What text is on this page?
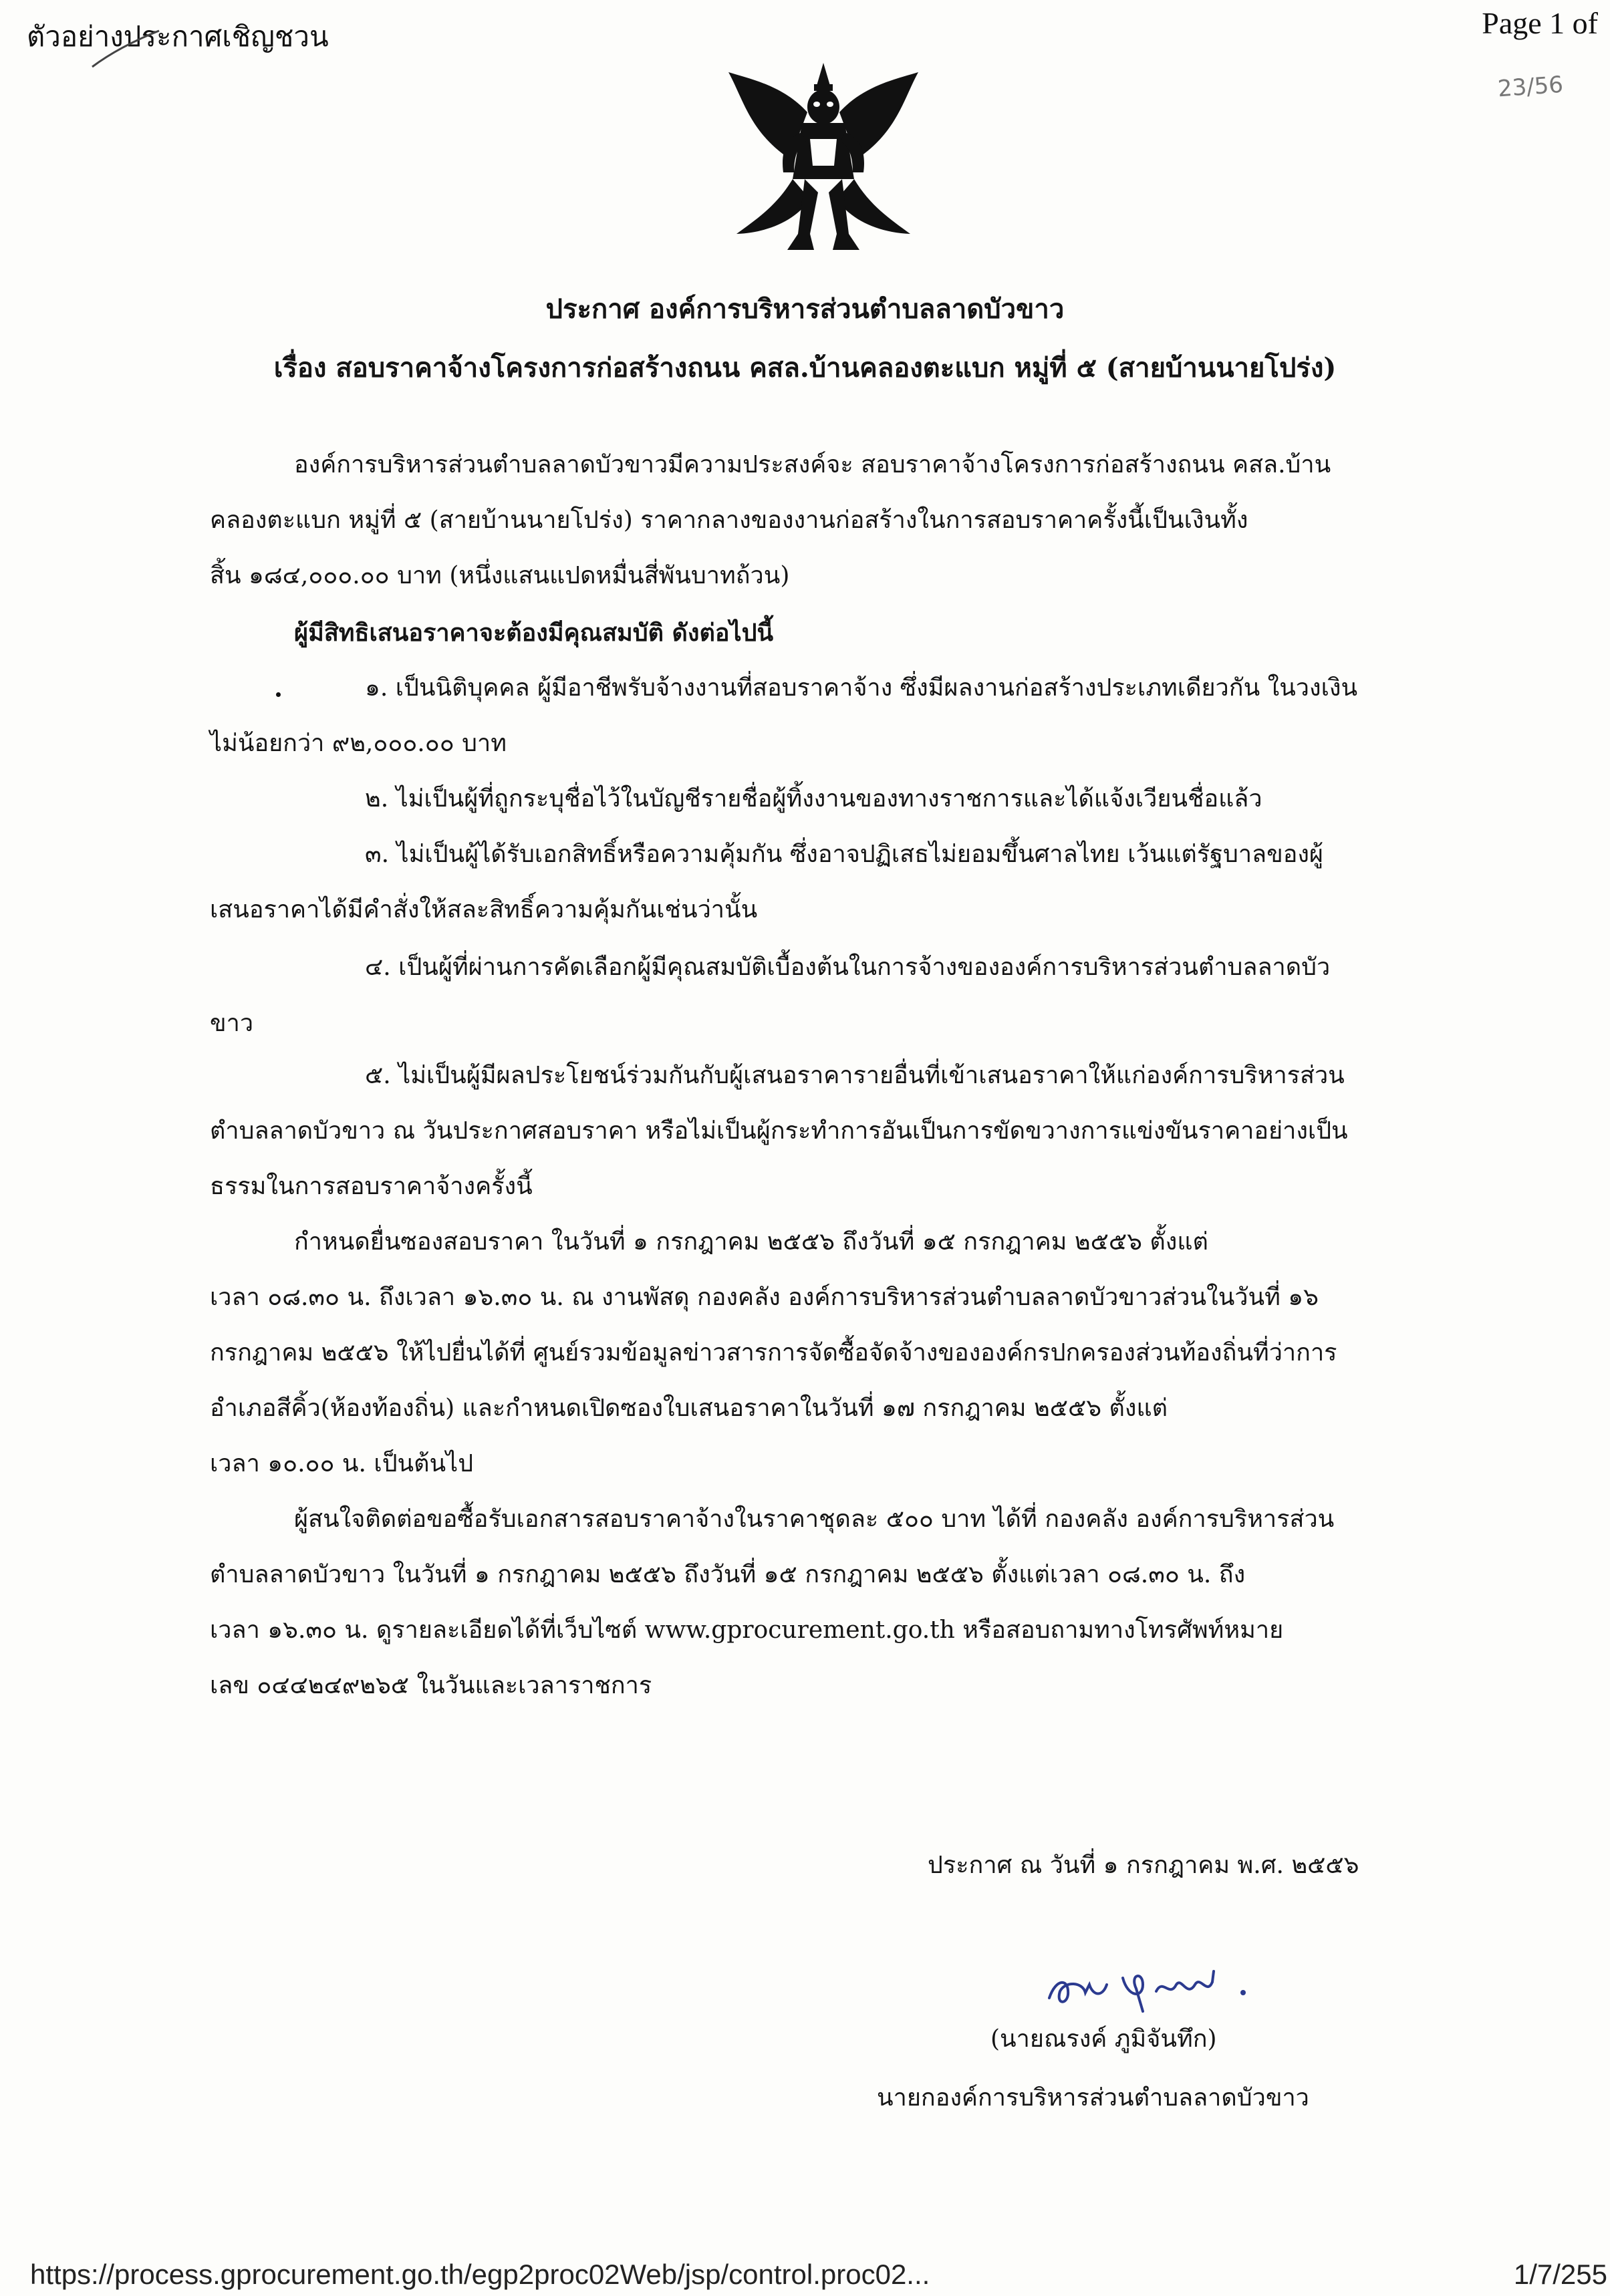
ตัวอย่างประกาศเชิญชวน	Page 1 of
23/56
ประกาศ องค์การบริหารส่วนตำบลลาดบัวขาว
เรื่อง สอบราคาจ้างโครงการก่อสร้างถนน คสล.บ้านคลองตะแบก หมู่ที่ ๕ (สายบ้านนายโปร่ง)
องค์การบริหารส่วนตำบลลาดบัวขาวมีความประสงค์จะ สอบราคาจ้างโครงการก่อสร้างถนน คสล.บ้าน
คลองตะแบก หมู่ที่ ๕ (สายบ้านนายโปร่ง) ราคากลางของงานก่อสร้างในการสอบราคาครั้งนี้เป็นเงินทั้ง
สิ้น ๑๘๔,๐๐๐.๐๐ บาท (หนึ่งแสนแปดหมื่นสี่พันบาทถ้วน)
ผู้มีสิทธิเสนอราคาจะต้องมีคุณสมบัติ ดังต่อไปนี้
๑. เป็นนิติบุคคล ผู้มีอาชีพรับจ้างงานที่สอบราคาจ้าง ซึ่งมีผลงานก่อสร้างประเภทเดียวกัน ในวงเงิน
ไม่น้อยกว่า ๙๒,๐๐๐.๐๐ บาท
๒. ไม่เป็นผู้ที่ถูกระบุชื่อไว้ในบัญชีรายชื่อผู้ทิ้งงานของทางราชการและได้แจ้งเวียนชื่อแล้ว
๓. ไม่เป็นผู้ได้รับเอกสิทธิ์หรือความคุ้มกัน ซึ่งอาจปฏิเสธไม่ยอมขึ้นศาลไทย เว้นแต่รัฐบาลของผู้
เสนอราคาได้มีคำสั่งให้สละสิทธิ์ความคุ้มกันเช่นว่านั้น
๔. เป็นผู้ที่ผ่านการคัดเลือกผู้มีคุณสมบัติเบื้องต้นในการจ้างขององค์การบริหารส่วนตำบลลาดบัว
ขาว
๕. ไม่เป็นผู้มีผลประโยชน์ร่วมกันกับผู้เสนอราคารายอื่นที่เข้าเสนอราคาให้แก่องค์การบริหารส่วน
ตำบลลาดบัวขาว ณ วันประกาศสอบราคา หรือไม่เป็นผู้กระทำการอันเป็นการขัดขวางการแข่งขันราคาอย่างเป็น
ธรรมในการสอบราคาจ้างครั้งนี้
กำหนดยื่นซองสอบราคา ในวันที่ ๑ กรกฎาคม ๒๕๕๖ ถึงวันที่ ๑๕ กรกฎาคม ๒๕๕๖ ตั้งแต่
เวลา ๐๘.๓๐ น. ถึงเวลา ๑๖.๓๐ น. ณ งานพัสดุ กองคลัง องค์การบริหารส่วนตำบลลาดบัวขาวส่วนในวันที่ ๑๖
กรกฎาคม ๒๕๕๖ ให้ไปยื่นได้ที่ ศูนย์รวมข้อมูลข่าวสารการจัดซื้อจัดจ้างขององค์กรปกครองส่วนท้องถิ่นที่ว่าการ
อำเภอสีคิ้ว(ห้องท้องถิ่น) และกำหนดเปิดซองใบเสนอราคาในวันที่ ๑๗ กรกฎาคม ๒๕๕๖ ตั้งแต่
เวลา ๑๐.๐๐ น. เป็นต้นไป
ผู้สนใจติดต่อขอซื้อรับเอกสารสอบราคาจ้างในราคาชุดละ ๕๐๐ บาท ได้ที่ กองคลัง องค์การบริหารส่วน
ตำบลลาดบัวขาว ในวันที่ ๑ กรกฎาคม ๒๕๕๖ ถึงวันที่ ๑๕ กรกฎาคม ๒๕๕๖ ตั้งแต่เวลา ๐๘.๓๐ น. ถึง
เวลา ๑๖.๓๐ น. ดูรายละเอียดได้ที่เว็บไซต์ www.gprocurement.go.th หรือสอบถามทางโทรศัพท์หมาย
เลข ๐๔๔๒๔๙๒๖๕ ในวันและเวลาราชการ
ประกาศ ณ วันที่ ๑ กรกฎาคม พ.ศ. ๒๕๕๖
(นายณรงค์ ภูมิจันทึก)
นายกองค์การบริหารส่วนตำบลลาดบัวขาว
https://process.gprocurement.go.th/egp2proc02Web/jsp/control.proc02...	1/7/255
